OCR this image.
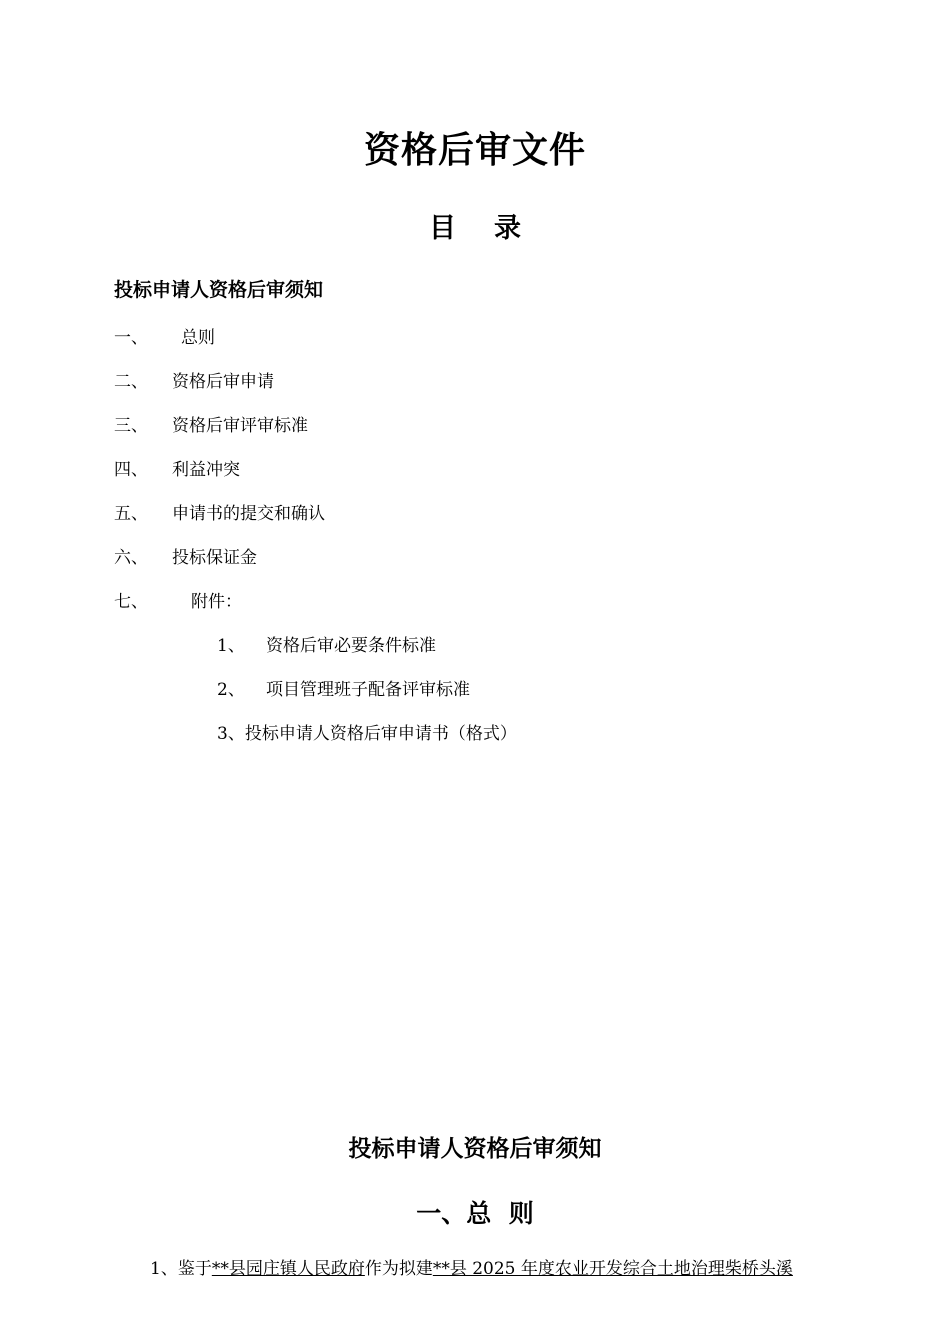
资格后审文件
目 录
投标申请人资格后审须知
一、 总则
二、 资格后审申请
三、 资格后审评审标准
四、 利益冲突
五、 申请书的提交和确认
六、 投标保证金
七、	附件：
1、 资格后审必要条件标准
2、 项目管理班子配备评审标准
3、投标申请人资格后审申请书（格式）
投标申请人资格后审须知
一、总  则
1、鉴于**县园庄镇人民政府作为拟建**县 2025 年度农业开发综合土地治理柴桥头溪
